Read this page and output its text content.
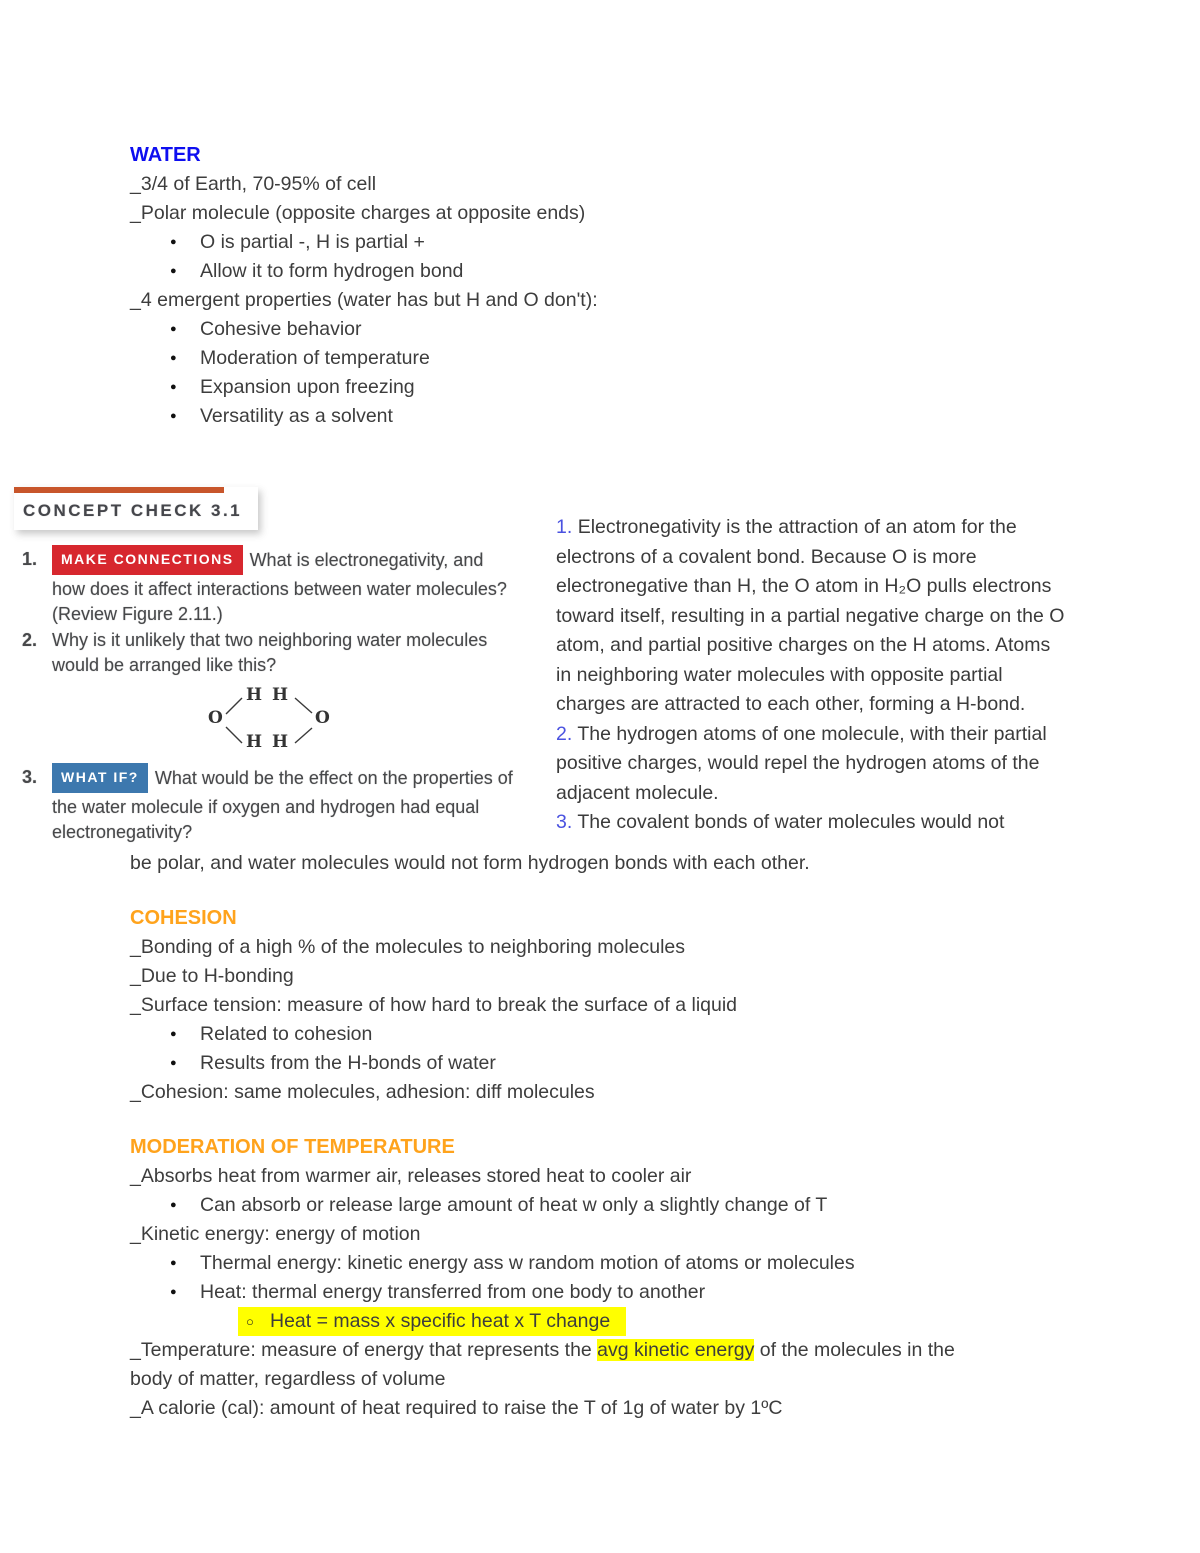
WATER

_3/4 of Earth, 70-95% of cell

_Polar molecule (opposite charges at opposite ends)

●	O is partial -, H is partial +
●	Allow it to form hydrogen bond

_4 emergent properties (water has but H and O don't):

●	Cohesive behavior
●	Moderation of temperature
●	Expansion upon freezing
●	Versatility as a solvent
CONCEPT CHECK 3.1
1.	MAKE CONNECTIONS What is electronegativity, and how does it affect interactions between water molecules? (Review Figure 2.11.)
2. Why is it unlikely that two neighboring water molecules would be arranged like this?
O
H H
O
H H
3.	WHAT IF? What would be the effect on the properties of the water molecule if oxygen and hydrogen had equal electronegativity?

1. Electronegativity is the attraction of an atom for the electrons of a covalent bond. Because O is more electronegative than H, the O atom in H₂O pulls electrons toward itself, resulting in a partial negative charge on the O atom, and partial positive charges on the H atoms. Atoms in neighboring water molecules with opposite partial charges are attracted to each other, forming a H-bond.

2. The hydrogen atoms of one molecule, with their partial positive charges, would repel the hydrogen atoms of the adjacent molecule.

3. The covalent bonds of water molecules would not

be polar, and water molecules would not form hydrogen bonds with each other.

COHESION

_Bonding of a high % of the molecules to neighboring molecules

_Due to H-bonding

_Surface tension: measure of how hard to break the surface of a liquid

●	Related to cohesion
●	Results from the H-bonds of water

_Cohesion: same molecules, adhesion: diff molecules

MODERATION OF TEMPERATURE

_Absorbs heat from warmer air, releases stored heat to cooler air

●	Can absorb or release large amount of heat w only a slightly change of T

_Kinetic energy: energy of motion

●	Thermal energy: kinetic energy ass w random motion of atoms or molecules
●	Heat: thermal energy transferred from one body to another
○ Heat = mass x specific heat x T change

_Temperature: measure of energy that represents the avg kinetic energy of the molecules in the body of matter, regardless of volume

_A calorie (cal): amount of heat required to raise the T of 1g of water by 1ºC
